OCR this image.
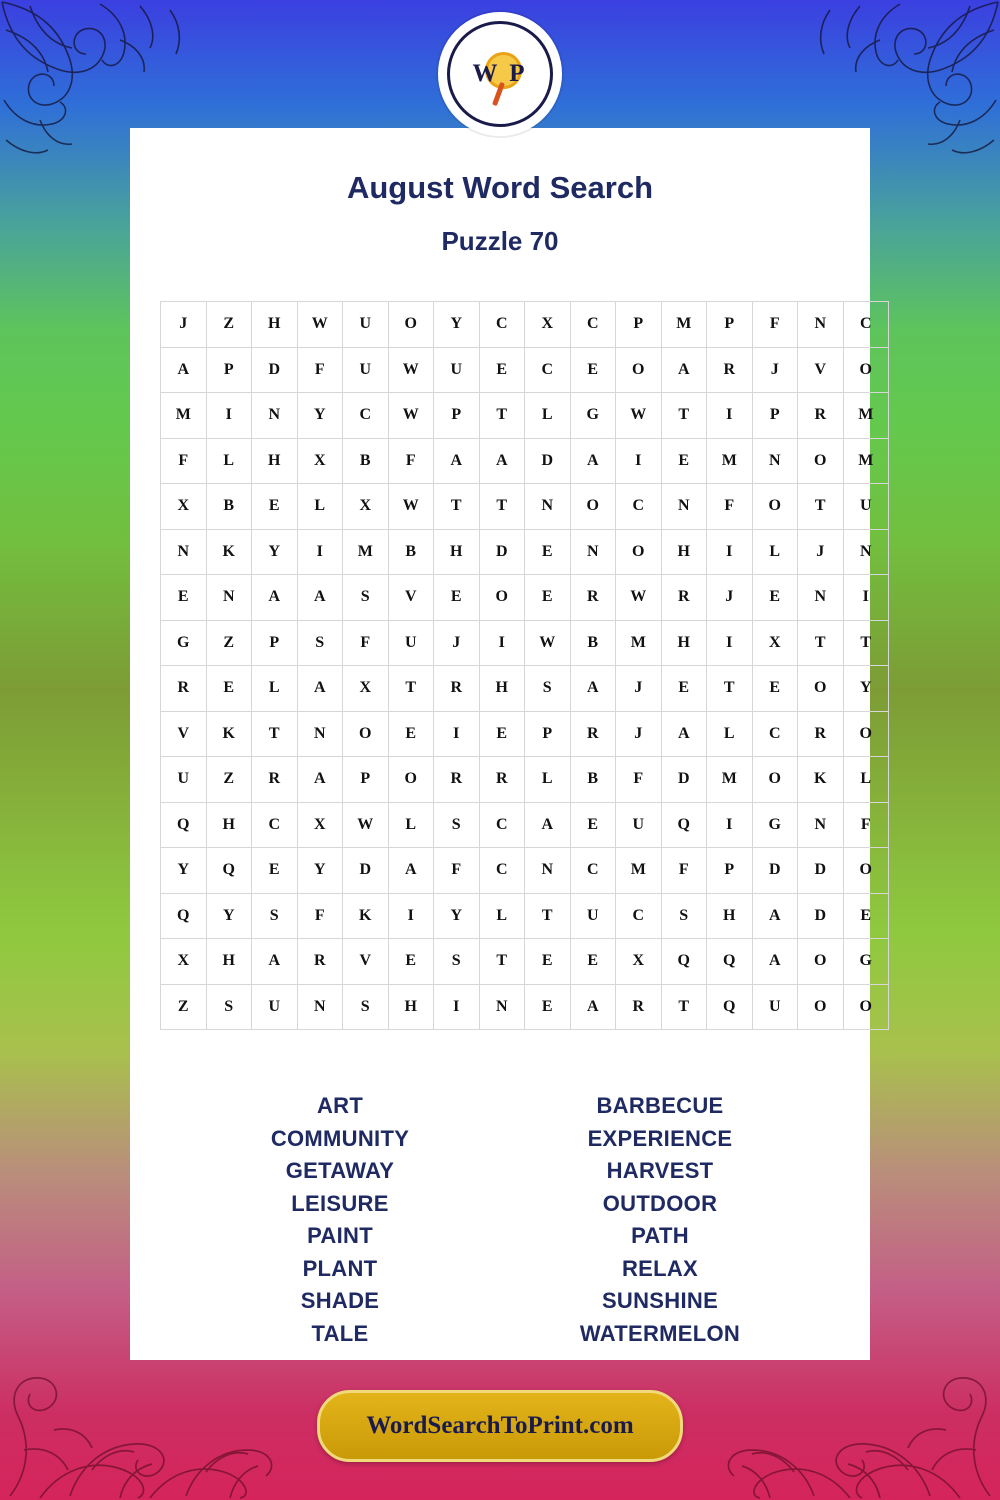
W P
August Word Search
Puzzle 70
J	Z	H	W	U	O	Y	C	X	C	P	M	P	F	N	C
A	P	D	F	U	W	U	E	C	E	O	A	R	J	V	O
M	I	N	Y	C	W	P	T	L	G	W	T	I	P	R	M
F	L	H	X	B	F	A	A	D	A	I	E	M	N	O	M
X	B	E	L	X	W	T	T	N	O	C	N	F	O	T	U
N	K	Y	I	M	B	H	D	E	N	O	H	I	L	J	N
E	N	A	A	S	V	E	O	E	R	W	R	J	E	N	I
G	Z	P	S	F	U	J	I	W	B	M	H	I	X	T	T
R	E	L	A	X	T	R	H	S	A	J	E	T	E	O	Y
V	K	T	N	O	E	I	E	P	R	J	A	L	C	R	O
U	Z	R	A	P	O	R	R	L	B	F	D	M	O	K	L
Q	H	C	X	W	L	S	C	A	E	U	Q	I	G	N	F
Y	Q	E	Y	D	A	F	C	N	C	M	F	P	D	D	O
Q	Y	S	F	K	I	Y	L	T	U	C	S	H	A	D	E
X	H	A	R	V	E	S	T	E	E	X	Q	Q	A	O	G
Z	S	U	N	S	H	I	N	E	A	R	T	Q	U	O	O
ART
COMMUNITY
GETAWAY
LEISURE
PAINT
PLANT
SHADE
TALE
BARBECUE
EXPERIENCE
HARVEST
OUTDOOR
PATH
RELAX
SUNSHINE
WATERMELON
WordSearchToPrint.com
